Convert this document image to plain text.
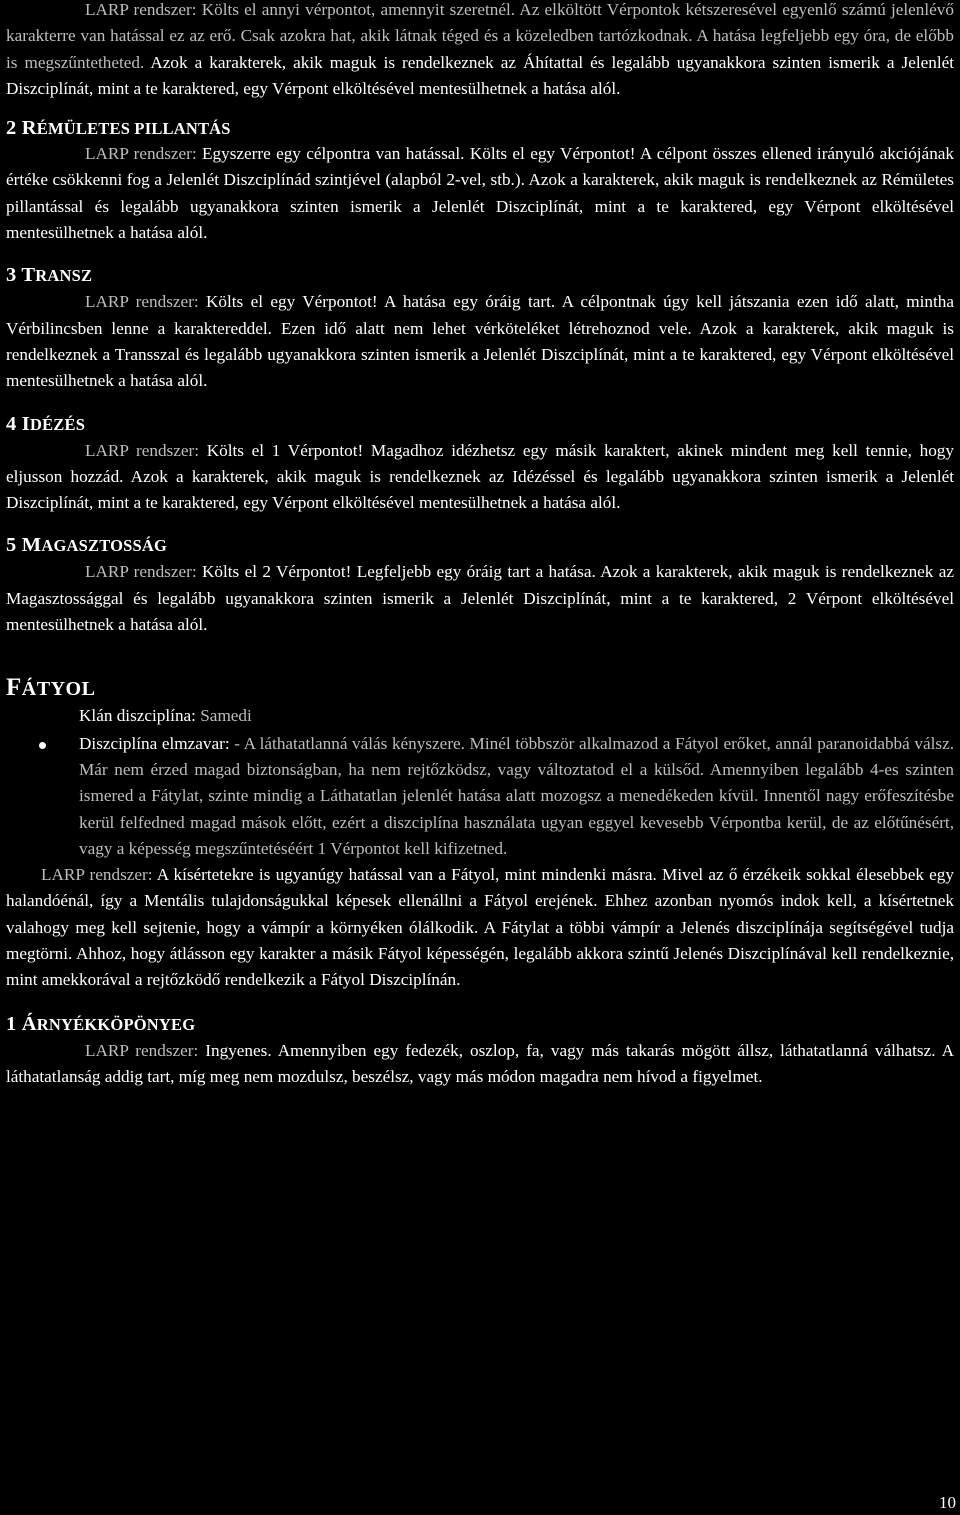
LARP rendszer: Költs el annyi vérpontot, amennyit szeretnél. Az elköltött Vérpontok kétszeresével egyenlő számú jelenlévő karakterre van hatással ez az erő. Csak azokra hat, akik látnak téged és a közeledben tartózkodnak. A hatása legfeljebb egy óra, de előbb is megszűntetheted. Azok a karakterek, akik maguk is rendelkeznek az Áhítattal és legalább ugyanakkora szinten ismerik a Jelenlét Diszciplínát, mint a te karaktered, egy Vérpont elköltésével mentesülhetnek a hatása alól.

2 RÉMÜLETES PILLANTÁS

LARP rendszer: Egyszerre egy célpontra van hatással. Költs el egy Vérpontot! A célpont összes ellened irányuló akciójának értéke csökkenni fog a Jelenlét Diszciplínád szintjével (alapból 2-vel, stb.). Azok a karakterek, akik maguk is rendelkeznek az Rémületes pillantással és legalább ugyanakkora szinten ismerik a Jelenlét Diszciplínát, mint a te karaktered, egy Vérpont elköltésével mentesülhetnek a hatása alól.

3 TRANSZ

LARP rendszer: Költs el egy Vérpontot! A hatása egy óráig tart. A célpontnak úgy kell játszania ezen idő alatt, mintha Vérbilincsben lenne a karaktereddel. Ezen idő alatt nem lehet vérköteléket létrehoznod vele. Azok a karakterek, akik maguk is rendelkeznek a Transszal és legalább ugyanakkora szinten ismerik a Jelenlét Diszciplínát, mint a te karaktered, egy Vérpont elköltésével mentesülhetnek a hatása alól.

4 IDÉZÉS

LARP rendszer: Költs el 1 Vérpontot! Magadhoz idézhetsz egy másik karaktert, akinek mindent meg kell tennie, hogy eljusson hozzád. Azok a karakterek, akik maguk is rendelkeznek az Idézéssel és legalább ugyanakkora szinten ismerik a Jelenlét Diszciplínát, mint a te karaktered, egy Vérpont elköltésével mentesülhetnek a hatása alól.

5 MAGASZTOSSÁG

LARP rendszer: Költs el 2 Vérpontot! Legfeljebb egy óráig tart a hatása. Azok a karakterek, akik maguk is rendelkeznek az Magasztossággal és legalább ugyanakkora szinten ismerik a Jelenlét Diszciplínát, mint a te karaktered, 2 Vérpont elköltésével mentesülhetnek a hatása alól.

FÁTYOL

Klán diszciplína: Samedi

Diszciplína elmzavar: - A láthatatlanná válás kényszere. Minél többször alkalmazod a Fátyol erőket, annál paranoidabbá válsz. Már nem érzed magad biztonságban, ha nem rejtőzködsz, vagy változtatod el a külsőd. Amennyiben legalább 4-es szinten ismered a Fátylat, szinte mindig a Láthatatlan jelenlét hatása alatt mozogsz a menedékeden kívül. Innentől nagy erőfeszítésbe kerül felfedned magad mások előtt, ezért a diszciplína használata ugyan eggyel kevesebb Vérpontba kerül, de az előtűnésért, vagy a képesség megszűntetéséért 1 Vérpontot kell kifizetned.

LARP rendszer: A kísértetekre is ugyanúgy hatással van a Fátyol, mint mindenki másra. Mivel az ő érzékeik sokkal élesebbek egy halandóénál, így a Mentális tulajdonságukkal képesek ellenállni a Fátyol erejének. Ehhez azonban nyomós indok kell, a kísértetnek valahogy meg kell sejtenie, hogy a vámpír a környéken ólálkodik. A Fátylat a többi vámpír a Jelenés diszciplínája segítségével tudja megtörni. Ahhoz, hogy átlásson egy karakter a másik Fátyol képességén, legalább akkora szintű Jelenés Diszciplínával kell rendelkeznie, mint amekkorával a rejtőzködő rendelkezik a Fátyol Diszciplínán.

1 ÁRNYÉKKÖPÖNYEG

LARP rendszer: Ingyenes. Amennyiben egy fedezék, oszlop, fa, vagy más takarás mögött állsz, láthatatlanná válhatsz. A láthatatlanság addig tart, míg meg nem mozdulsz, beszélsz, vagy más módon magadra nem hívod a figyelmet.

10
